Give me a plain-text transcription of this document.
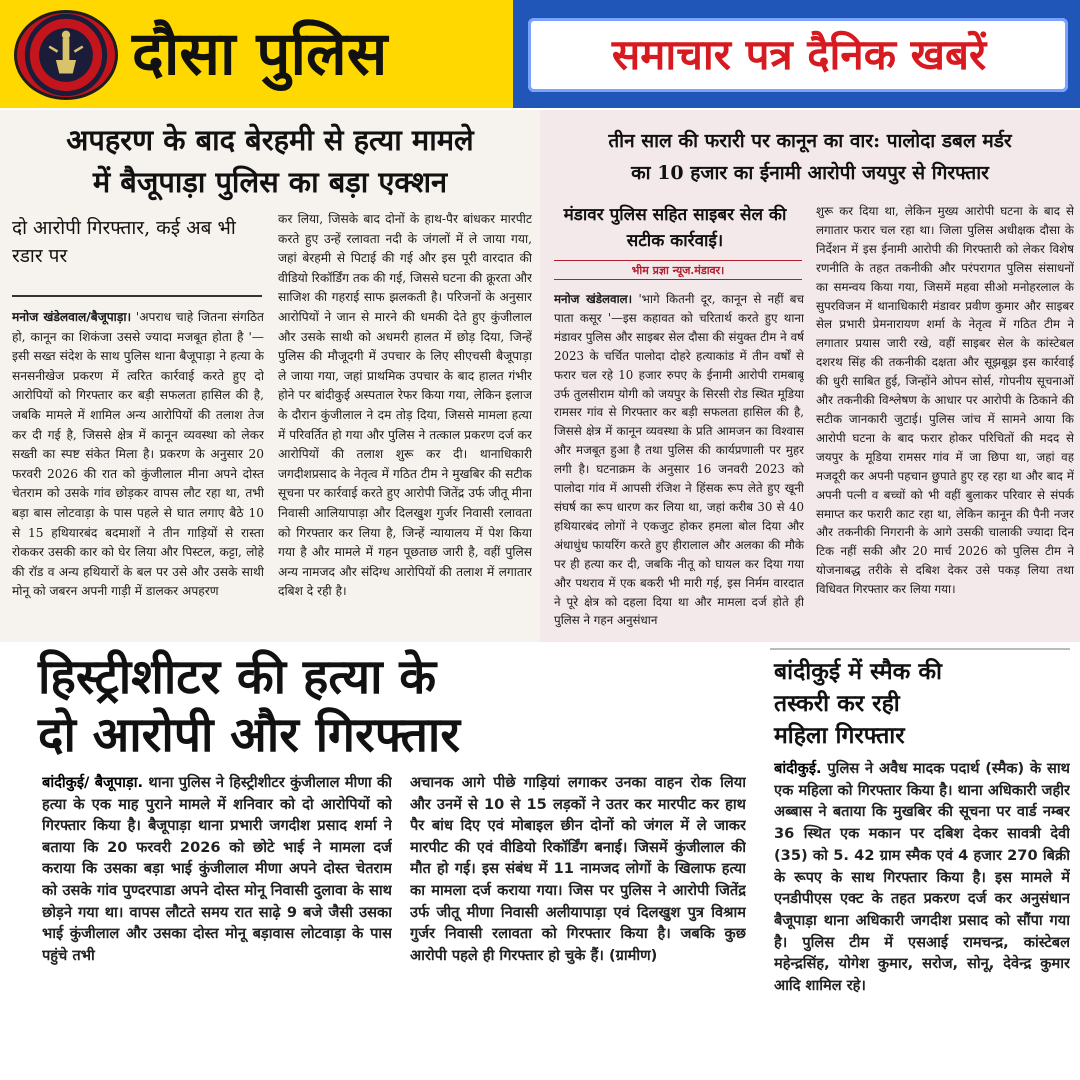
दौसा पुलिस	समाचार पत्र दैनिक खबरें
अपहरण के बाद बेरहमी से हत्या मामले
में बैजूपाड़ा पुलिस का बड़ा एक्शन
दो आरोपी गिरफ्तार, कई अब भी रडार पर
मनोज खंडेलवाल/बैजूपाड़ा। 'अपराध चाहे जितना संगठित हो, कानून का शिकंजा उससे ज्यादा मजबूत होता है '—इसी सख्त संदेश के साथ पुलिस थाना बैजूपाड़ा ने हत्या के सनसनीखेज प्रकरण में त्वरित कार्रवाई करते हुए दो आरोपियों को गिरफ्तार कर बड़ी सफलता हासिल की है, जबकि मामले में शामिल अन्य आरोपियों की तलाश तेज कर दी गई है, जिससे क्षेत्र में कानून व्यवस्था को लेकर सख्ती का स्पष्ट संकेत मिला है। प्रकरण के अनुसार 20 फरवरी 2026 की रात को कुंजीलाल मीना अपने दोस्त चेतराम को उसके गांव छोड़कर वापस लौट रहा था, तभी बड़ा बास लोटवाड़ा के पास पहले से घात लगाए बैठे 10 से 15 हथियारबंद बदमाशों ने तीन गाड़ियों से रास्ता रोककर उसकी कार को घेर लिया और पिस्टल, कट्टा, लोहे की रॉड व अन्य हथियारों के बल पर उसे और उसके साथी मोनू को जबरन अपनी गाड़ी में डालकर अपहरण
कर लिया, जिसके बाद दोनों के हाथ-पैर बांधकर मारपीट करते हुए उन्हें रलावता नदी के जंगलों में ले जाया गया, जहां बेरहमी से पिटाई की गई और इस पूरी वारदात की वीडियो रिकॉर्डिंग तक की गई, जिससे घटना की क्रूरता और साजिश की गहराई साफ झलकती है। परिजनों के अनुसार आरोपियों ने जान से मारने की धमकी देते हुए कुंजीलाल और उसके साथी को अधमरी हालत में छोड़ दिया, जिन्हें पुलिस की मौजूदगी में उपचार के लिए सीएचसी बैजूपाड़ा ले जाया गया, जहां प्राथमिक उपचार के बाद हालत गंभीर होने पर बांदीकुई अस्पताल रेफर किया गया, लेकिन इलाज के दौरान कुंजीलाल ने दम तोड़ दिया, जिससे मामला हत्या में परिवर्तित हो गया और पुलिस ने तत्काल प्रकरण दर्ज कर आरोपियों की तलाश शुरू कर दी। थानाधिकारी जगदीशप्रसाद के नेतृत्व में गठित टीम ने मुखबिर की सटीक सूचना पर कार्रवाई करते हुए आरोपी जितेंद्र उर्फ जीतू मीना निवासी आलियापाड़ा और दिलखुश गुर्जर निवासी रलावता को गिरफ्तार कर लिया है, जिन्हें न्यायालय में पेश किया गया है और मामले में गहन पूछताछ जारी है, वहीं पुलिस अन्य नामजद और संदिग्ध आरोपियों की तलाश में लगातार दबिश दे रही है।
तीन साल की फरारी पर कानून का वार: पालोदा डबल मर्डर
का 10 हजार का ईनामी आरोपी जयपुर से गिरफ्तार
मंडावर पुलिस सहित साइबर सेल की सटीक कार्रवाई।
भीम प्रज्ञा न्यूज.मंडावर।
मनोज खंडेलवाल। 'भागे कितनी दूर, कानून से नहीं बच पाता कसूर '—इस कहावत को चरितार्थ करते हुए थाना मंडावर पुलिस और साइबर सेल दौसा की संयुक्त टीम ने वर्ष 2023 के चर्चित पालोदा दोहरे हत्याकांड में तीन वर्षों से फरार चल रहे 10 हजार रुपए के ईनामी आरोपी रामबाबू उर्फ तुलसीराम योगी को जयपुर के सिरसी रोड स्थित मूडिया रामसर गांव से गिरफ्तार कर बड़ी सफलता हासिल की है, जिससे क्षेत्र में कानून व्यवस्था के प्रति आमजन का विश्वास और मजबूत हुआ है तथा पुलिस की कार्यप्रणाली पर मुहर लगी है। घटनाक्रम के अनुसार 16 जनवरी 2023 को पालोदा गांव में आपसी रंजिश ने हिंसक रूप लेते हुए खूनी संघर्ष का रूप धारण कर लिया था, जहां करीब 30 से 40 हथियारबंद लोगों ने एकजुट होकर हमला बोल दिया और अंधाधुंध फायरिंग करते हुए हीरालाल और अलका की मौके पर ही हत्या कर दी, जबकि नीतू को घायल कर दिया गया और पथराव में एक बकरी भी मारी गई, इस निर्मम वारदात ने पूरे क्षेत्र को दहला दिया था और मामला दर्ज होते ही पुलिस ने गहन अनुसंधान
शुरू कर दिया था, लेकिन मुख्य आरोपी घटना के बाद से लगातार फरार चल रहा था। जिला पुलिस अधीक्षक दौसा के निर्देशन में इस ईनामी आरोपी की गिरफ्तारी को लेकर विशेष रणनीति के तहत तकनीकी और परंपरागत पुलिस संसाधनों का समन्वय किया गया, जिसमें महवा सीओ मनोहरलाल के सुपरविजन में थानाधिकारी मंडावर प्रवीण कुमार और साइबर सेल प्रभारी प्रेमनारायण शर्मा के नेतृत्व में गठित टीम ने लगातार प्रयास जारी रखे, वहीं साइबर सेल के कांस्टेबल दशरथ सिंह की तकनीकी दक्षता और सूझबूझ इस कार्रवाई की धुरी साबित हुई, जिन्होंने ओपन सोर्स, गोपनीय सूचनाओं और तकनीकी विश्लेषण के आधार पर आरोपी के ठिकाने की सटीक जानकारी जुटाई। पुलिस जांच में सामने आया कि आरोपी घटना के बाद फरार होकर परिचितों की मदद से जयपुर के मूडिया रामसर गांव में जा छिपा था, जहां वह मजदूरी कर अपनी पहचान छुपाते हुए रह रहा था और बाद में अपनी पत्नी व बच्चों को भी वहीं बुलाकर परिवार से संपर्क समाप्त कर फरारी काट रहा था, लेकिन कानून की पैनी नजर और तकनीकी निगरानी के आगे उसकी चालाकी ज्यादा दिन टिक नहीं सकी और 20 मार्च 2026 को पुलिस टीम ने योजनाबद्ध तरीके से दबिश देकर उसे पकड़ लिया तथा विधिवत गिरफ्तार कर लिया गया।
हिस्ट्रीशीटर की हत्या के
दो आरोपी और गिरफ्तार
बांदीकुई/ बैजूपाड़ा. थाना पुलिस ने हिस्ट्रीशीटर कुंजीलाल मीणा की हत्या के एक माह पुराने मामले में शनिवार को दो आरोपियों को गिरफ्तार किया है। बैजूपाड़ा थाना प्रभारी जगदीश प्रसाद शर्मा ने बताया कि 20 फरवरी 2026 को छोटे भाई ने मामला दर्ज कराया कि उसका बड़ा भाई कुंजीलाल मीणा अपने दोस्त चेतराम को उसके गांव पुण्दरपाडा अपने दोस्त मोनू निवासी दुलावा के साथ छोड़ने गया था। वापस लौटते समय रात साढ़े 9 बजे जैसी उसका भाई कुंजीलाल और उसका दोस्त मोनू बड़ावास लोटवाड़ा के पास पहुंचे तभी
अचानक आगे पीछे गाड़ियां लगाकर उनका वाहन रोक लिया और उनमें से 10 से 15 लड़कों ने उतर कर मारपीट कर हाथ पैर बांध दिए एवं मोबाइल छीन दोनों को जंगल में ले जाकर मारपीट की एवं वीडियो रिकॉर्डिंग बनाई। जिसमें कुंजीलाल की मौत हो गई। इस संबंध में 11 नामजद लोगों के खिलाफ हत्या का मामला दर्ज कराया गया। जिस पर पुलिस ने आरोपी जितेंद्र उर्फ जीतू मीणा निवासी अलीयापाड़ा एवं दिलखुश पुत्र विश्राम गुर्जर निवासी रलावता को गिरफ्तार किया है। जबकि कुछ आरोपी पहले ही गिरफ्तार हो चुके हैं। (ग्रामीण)
बांदीकुई में स्मैक की
तस्करी कर रही
महिला गिरफ्तार
बांदीकुई. पुलिस ने अवैध मादक पदार्थ (स्मैक) के साथ एक महिला को गिरफ्तार किया है। थाना अधिकारी जहीर अब्बास ने बताया कि मुखबिर की सूचना पर वार्ड नम्बर 36 स्थित एक मकान पर दबिश देकर सावत्री देवी (35) को 5. 42 ग्राम स्मैक एवं 4 हजार 270 बिक्री के रूपए के साथ गिरफ्तार किया है। इस मामले में एनडीपीएस एक्ट के तहत प्रकरण दर्ज कर अनुसंधान बैजूपाड़ा थाना अधिकारी जगदीश प्रसाद को सौंपा गया है। पुलिस टीम में एसआई रामचन्द्र, कांस्टेबल महेन्द्रसिंह, योगेश कुमार, सरोज, सोनू, देवेन्द्र कुमार आदि शामिल रहे।
